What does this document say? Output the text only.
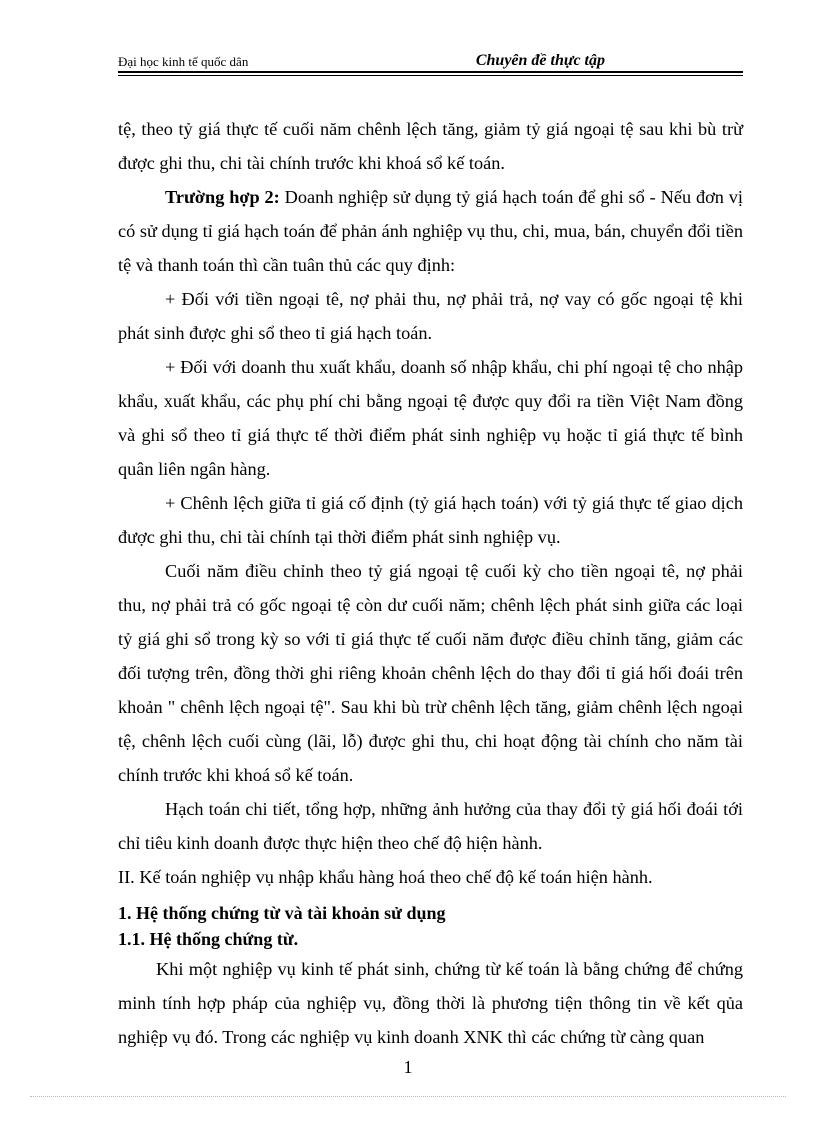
Đại học kinh tế quốc dân	Chuyên đề thực tập

tệ, theo tỷ giá thực tế cuối năm chênh lệch tăng, giảm tỷ giá ngoại tệ sau khi bù trừ được ghi thu, chi tài chính trước khi khoá sổ kế toán.

Trường hợp 2: Doanh nghiệp sử dụng tỷ giá hạch toán để ghi sổ - Nếu đơn vị có sử dụng tỉ giá hạch toán để phản ánh nghiệp vụ thu, chi, mua, bán, chuyển đổi tiền tệ và thanh toán thì cần tuân thủ các quy định:

+ Đối với tiền ngoại tê, nợ phải thu, nợ phải trả, nợ vay có gốc ngoại tệ khi phát sinh được ghi sổ theo tỉ giá hạch toán.

+ Đối với doanh thu xuất khẩu, doanh số nhập khẩu, chi phí ngoại tệ cho nhập khẩu, xuất khẩu, các phụ phí chi bằng ngoại tệ được quy đổi ra tiền Việt Nam đồng và ghi sổ theo tỉ giá thực tế thời điểm phát sinh nghiệp vụ hoặc tỉ giá thực tế bình quân liên ngân hàng.

+ Chênh lệch giữa tỉ giá cố định (tỷ giá hạch toán) với tỷ giá thực tế giao dịch được ghi thu, chi tài chính tại thời điểm phát sinh nghiệp vụ.

Cuối năm điều chỉnh theo tỷ giá ngoại tệ cuối kỳ cho tiền ngoại tê, nợ phải thu, nợ phải trả có gốc ngoại tệ còn dư cuối năm; chênh lệch phát sinh giữa các loại tỷ giá ghi sổ trong kỳ so với tỉ giá thực tế cuối năm được điều chỉnh tăng, giảm các đối tượng trên, đồng thời ghi riêng khoản chênh lệch do thay đổi tỉ giá hối đoái trên khoản " chênh lệch ngoại tệ". Sau khi bù trừ chênh lệch tăng, giảm chênh lệch ngoại tệ, chênh lệch cuối cùng (lãi, lỗ) được ghi thu, chi hoạt động tài chính cho năm tài chính trước khi khoá sổ kế toán.

Hạch toán chi tiết, tổng hợp, những ảnh hưởng của thay đổi tỷ giá hối đoái tới chỉ tiêu kinh doanh được thực hiện theo chế độ hiện hành.

II. Kế toán nghiệp vụ nhập khẩu hàng hoá theo chế độ kế toán hiện hành.

1. Hệ thống chứng từ và tài khoản sử dụng

1.1. Hệ thống chứng từ.

Khi một nghiệp vụ kinh tế phát sinh, chứng từ kế toán là bằng chứng để chứng minh tính hợp pháp của nghiệp vụ, đồng thời là phương tiện thông tin về kết qủa nghiệp vụ đó. Trong các nghiệp vụ kinh doanh XNK thì các chứng từ càng quan

1
